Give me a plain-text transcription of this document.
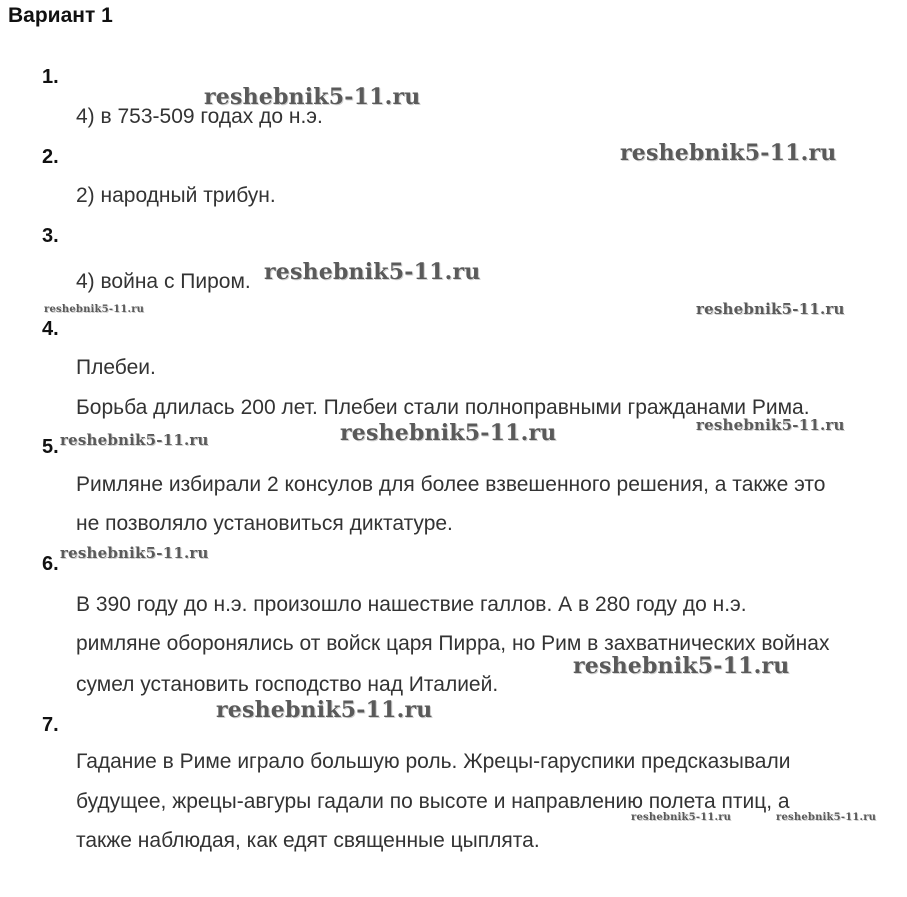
Вариант 1
1.
4) в 753-509 годах до н.э.
2.
2) народный трибун.
3.
4) война с Пиром.
4.
Плебеи.
Борьба длилась 200 лет. Плебеи стали полноправными гражданами Рима.
5.
Римляне избирали 2 консулов для более взвешенного решения, а также это
не позволяло установиться диктатуре.
6.
В 390 году до н.э. произошло нашествие галлов. А в 280 году до н.э.
римляне оборонялись от войск царя Пирра, но Рим в захватнических войнах
сумел установить господство над Италией.
7.
Гадание в Риме играло большую роль. Жрецы-гаруспики предсказывали
будущее, жрецы-авгуры гадали по высоте и направлению полета птиц, а
также наблюдая, как едят священные цыплята.
reshebnik5-11.ru
reshebnik5-11.ru
reshebnik5-11.ru
reshebnik5-11.ru	reshebnik5-11.ru
reshebnik5-11.ru
reshebnik5-11.ru
reshebnik5-11.ru
reshebnik5-11.ru
reshebnik5-11.ru
reshebnik5-11.ru
reshebnik5-11.ru	reshebnik5-11.ru
